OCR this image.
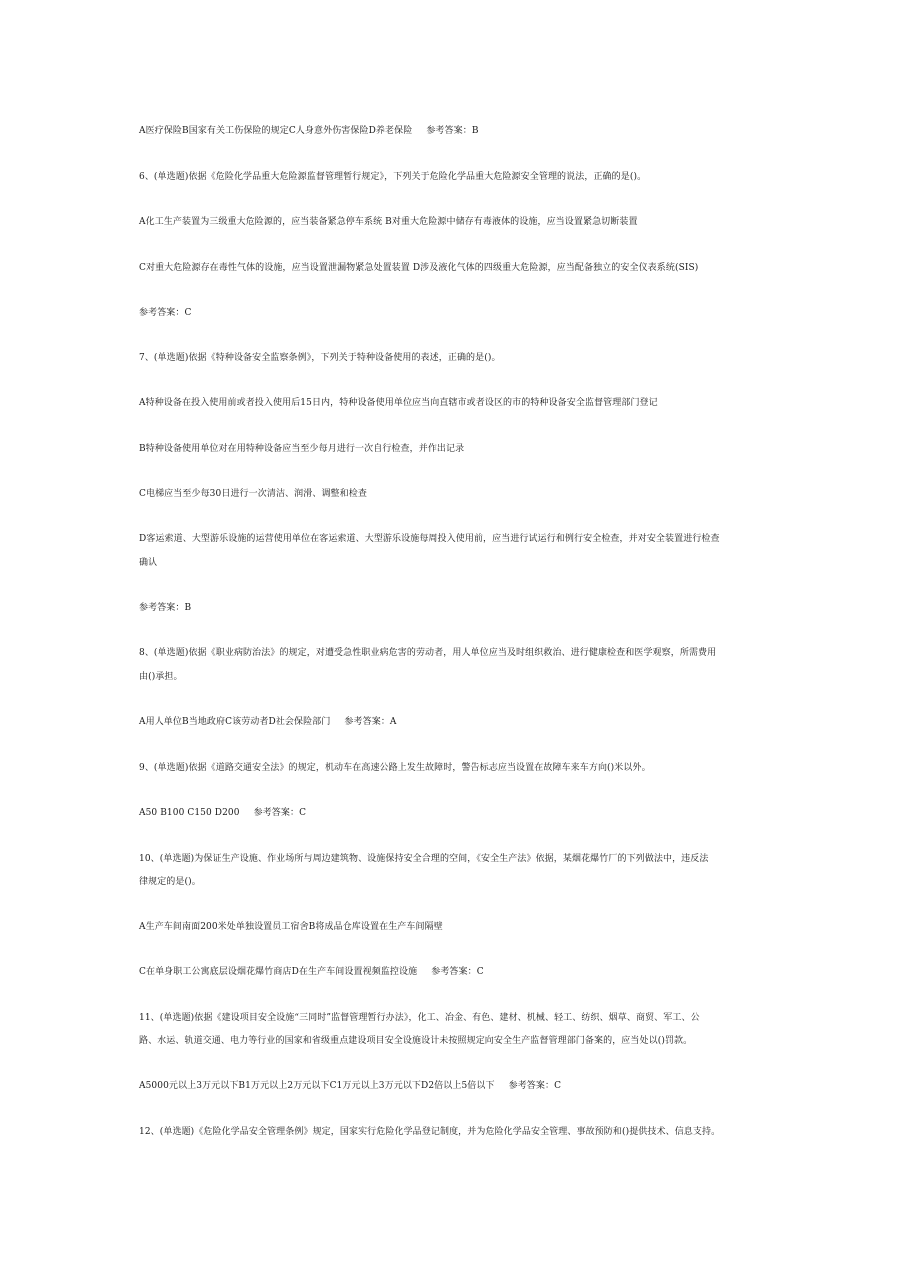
A医疗保险B国家有关工伤保险的规定C人身意外伤害保险D养老保险 参考答案：B
6、(单选题)依据《危险化学品重大危险源监督管理暂行规定》，下列关于危险化学品重大危险源安全管理的说法，正确的是()。
A化工生产装置为三级重大危险源的，应当装备紧急停车系统 B对重大危险源中储存有毒液体的设施，应当设置紧急切断装置
C对重大危险源存在毒性气体的设施，应当设置泄漏物紧急处置装置 D涉及液化气体的四级重大危险源，应当配备独立的安全仪表系统(SIS)
参考答案：C
7、(单选题)依据《特种设备安全监察条例》，下列关于特种设备使用的表述，正确的是()。
A特种设备在投入使用前或者投入使用后15日内，特种设备使用单位应当向直辖市或者设区的市的特种设备安全监督管理部门登记
B特种设备使用单位对在用特种设备应当至少每月进行一次自行检查，并作出记录
C电梯应当至少每30日进行一次清洁、润滑、调整和检查
D客运索道、大型游乐设施的运营使用单位在客运索道、大型游乐设施每周投入使用前，应当进行试运行和例行安全检查，并对安全装置进行检查
确认
参考答案：B
8、(单选题)依据《职业病防治法》的规定，对遭受急性职业病危害的劳动者，用人单位应当及时组织救治、进行健康检查和医学观察，所需费用
由()承担。
A用人单位B当地政府C该劳动者D社会保险部门 参考答案：A
9、(单选题)依据《道路交通安全法》的规定，机动车在高速公路上发生故障时，警告标志应当设置在故障车来车方向()米以外。
A50 B100 C150 D200 参考答案：C
10、(单选题)为保证生产设施、作业场所与周边建筑物、设施保持安全合理的空间，《安全生产法》依据，某烟花爆竹厂的下列做法中，违反法
律规定的是()。
A生产车间南面200米处单独设置员工宿舍B将成品仓库设置在生产车间隔壁
C在单身职工公寓底层设烟花爆竹商店D在生产车间设置视频监控设施 参考答案：C
11、(单选题)依据《建设项目安全设施“三同时”监督管理暂行办法》，化工、冶金、有色、建材、机械、轻工、纺织、烟草、商贸、军工、公
路、水运、轨道交通、电力等行业的国家和省级重点建设项目安全设施设计未按照规定向安全生产监督管理部门备案的，应当处以()罚款。
A5000元以上3万元以下B1万元以上2万元以下C1万元以上3万元以下D2倍以上5倍以下 参考答案：C
12、(单选题)《危险化学品安全管理条例》规定，国家实行危险化学品登记制度，并为危险化学品安全管理、事故预防和()提供技术、信息支持。
